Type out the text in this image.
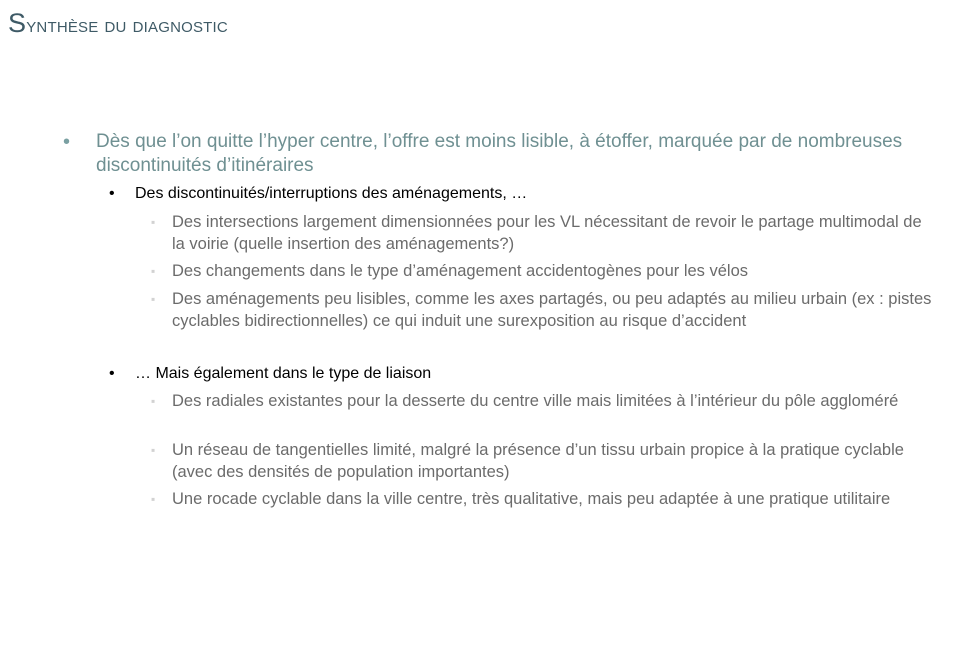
Synthèse du diagnostic
• Dès que l’on quitte l’hyper centre, l’offre est moins lisible, à étoffer, marquée par de nombreuses discontinuités d’itinéraires
• Des discontinuités/interruptions des aménagements, …
▪ Des intersections largement dimensionnées pour les VL nécessitant de revoir le partage multimodal de la voirie (quelle insertion des aménagements?)
▪ Des changements dans le type d’aménagement accidentogènes pour les vélos
▪ Des aménagements peu lisibles, comme les axes partagés, ou peu adaptés au milieu urbain (ex : pistes cyclables bidirectionnelles) ce qui induit une surexposition au risque d’accident
• … Mais également dans le type de liaison
▪ Des radiales existantes pour la desserte du centre ville mais limitées à l’intérieur du pôle aggloméré
▪ Un réseau de tangentielles limité, malgré la présence d’un tissu urbain propice à la pratique cyclable (avec des densités de population importantes)
▪ Une rocade cyclable dans la ville centre, très qualitative, mais peu adaptée à une pratique utilitaire
